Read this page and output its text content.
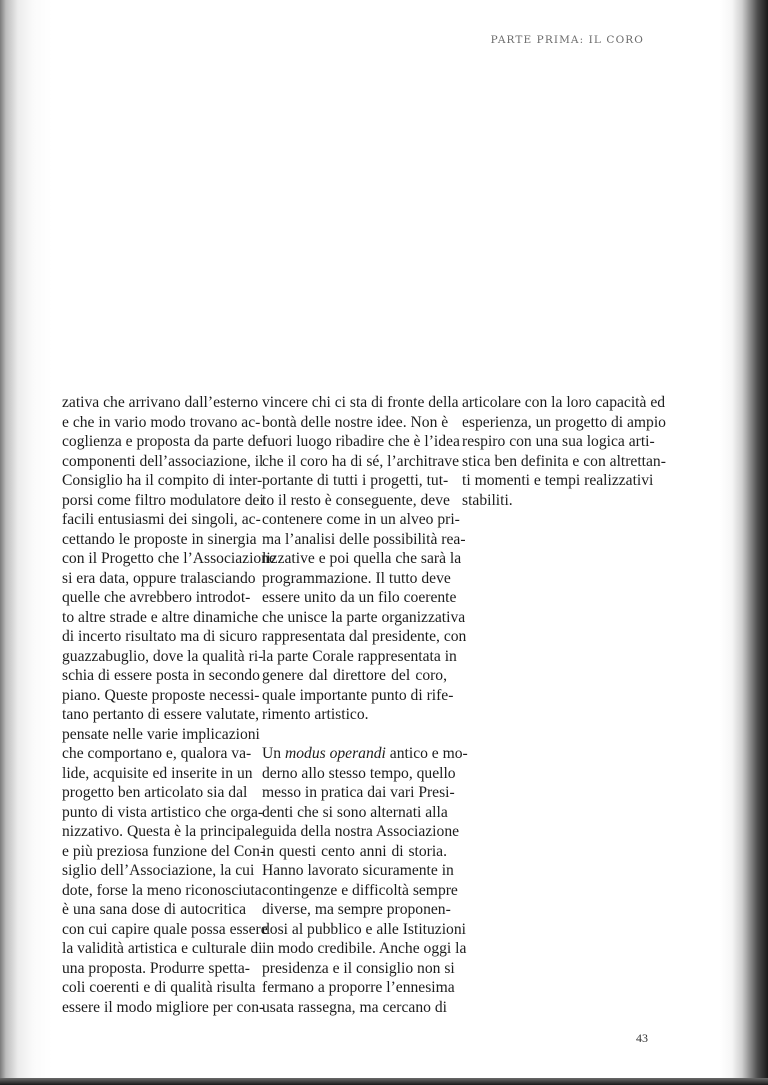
PARTE PRIMA: IL CORO
zativa che arrivano dall’esterno
e che in vario modo trovano ac-
coglienza e proposta da parte dei
componenti dell’associazione, il
Consiglio ha il compito di inter-
porsi come filtro modulatore dei
facili entusiasmi dei singoli, ac-
cettando le proposte in sinergia
con il Progetto che l’Associazione
si era data, oppure tralasciando
quelle che avrebbero introdot-
to altre strade e altre dinamiche
di incerto risultato ma di sicuro
guazzabuglio, dove la qualità ri-
schia di essere posta in secondo
piano. Queste proposte necessi-
tano pertanto di essere valutate,
pensate nelle varie implicazioni
che comportano e, qualora va-
lide, acquisite ed inserite in un
progetto ben articolato sia dal
punto di vista artistico che orga-
nizzativo. Questa è la principale
e più preziosa funzione del Con-
siglio dell’Associazione, la cui
dote, forse la meno riconosciuta
è una sana dose di autocritica
con cui capire quale possa essere
la validità artistica e culturale di
una proposta. Produrre spetta-
coli coerenti e di qualità risulta
essere il modo migliore per con-
vincere chi ci sta di fronte della
bontà delle nostre idee. Non è
fuori luogo ribadire che è l’idea
che il coro ha di sé, l’architrave
portante di tutti i progetti, tut-
to il resto è conseguente, deve
contenere come in un alveo pri-
ma l’analisi delle possibilità rea-
lizzative e poi quella che sarà la
programmazione. Il tutto deve
essere unito da un filo coerente
che unisce la parte organizzativa
rappresentata dal presidente, con
la parte Corale rappresentata in
genere dal direttore del coro,
quale importante punto di rife-
rimento artistico.
Un modus operandi antico e mo-
derno allo stesso tempo, quello
messo in pratica dai vari Presi-
denti che si sono alternati alla
guida della nostra Associazione
in questi cento anni di storia.
Hanno lavorato sicuramente in
contingenze e difficoltà sempre
diverse, ma sempre proponen-
dosi al pubblico e alle Istituzioni
in modo credibile. Anche oggi la
presidenza e il consiglio non si
fermano a proporre l’ennesima
usata rassegna, ma cercano di
articolare con la loro capacità ed
esperienza, un progetto di ampio
respiro con una sua logica arti-
stica ben definita e con altrettan-
ti momenti e tempi realizzativi
stabiliti.
43
